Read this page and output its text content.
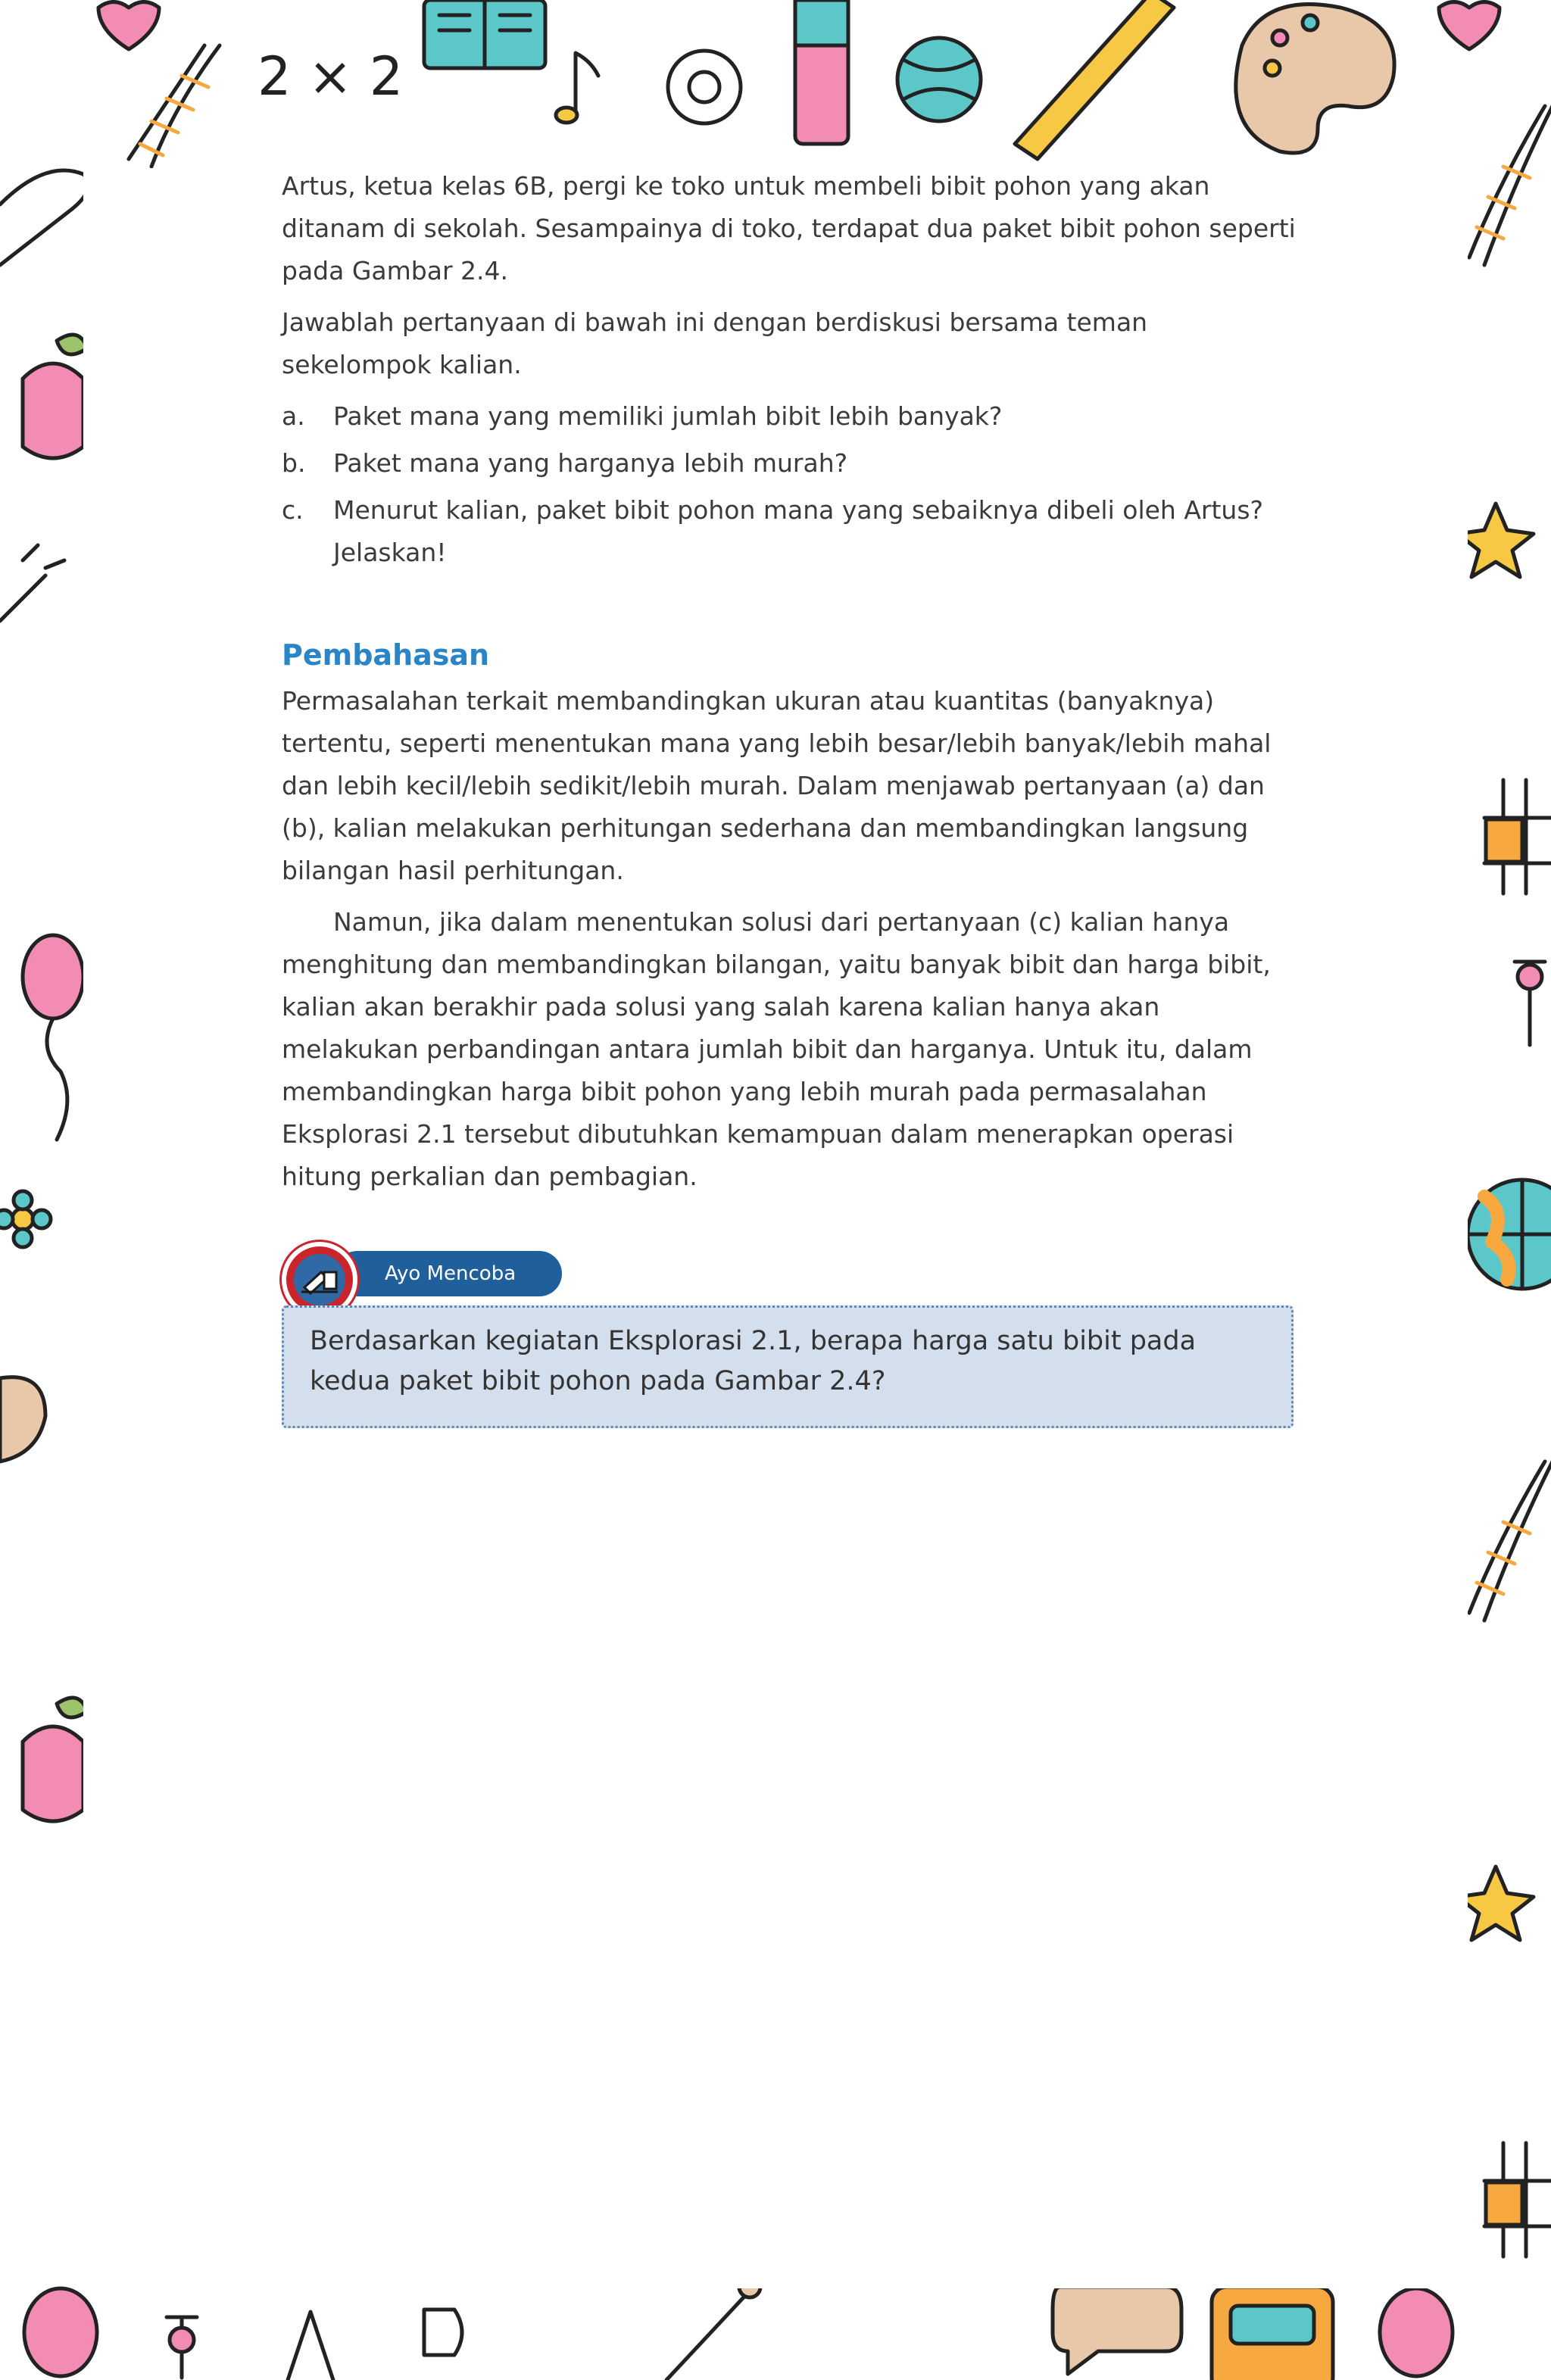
2 × 2

Artus, ketua kelas 6B, pergi ke toko untuk membeli bibit pohon yang akan ditanam di sekolah. Sesampainya di toko, terdapat dua paket bibit pohon seperti pada Gambar 2.4.

Jawablah pertanyaan di bawah ini dengan berdiskusi bersama teman sekelompok kalian.

a.	Paket mana yang memiliki jumlah bibit lebih banyak?
b.	Paket mana yang harganya lebih murah?
c.	Menurut kalian, paket bibit pohon mana yang sebaiknya dibeli oleh Artus? Jelaskan!
Pembahasan

Permasalahan terkait membandingkan ukuran atau kuantitas (banyaknya) tertentu, seperti menentukan mana yang lebih besar/lebih banyak/lebih mahal dan lebih kecil/lebih sedikit/lebih murah. Dalam menjawab pertanyaan (a) dan (b), kalian melakukan perhitungan sederhana dan membandingkan langsung bilangan hasil perhitungan.

Namun, jika dalam menentukan solusi dari pertanyaan (c) kalian hanya menghitung dan membandingkan bilangan, yaitu banyak bibit dan harga bibit, kalian akan berakhir pada solusi yang salah karena kalian hanya akan melakukan perbandingan antara jumlah bibit dan harganya. Untuk itu, dalam membandingkan harga bibit pohon yang lebih murah pada permasalahan Eksplorasi 2.1 tersebut dibutuhkan kemampuan dalam menerapkan operasi hitung perkalian dan pembagian.

Ayo Mencoba
Berdasarkan kegiatan Eksplorasi 2.1, berapa harga satu bibit pada kedua paket bibit pohon pada Gambar 2.4?
